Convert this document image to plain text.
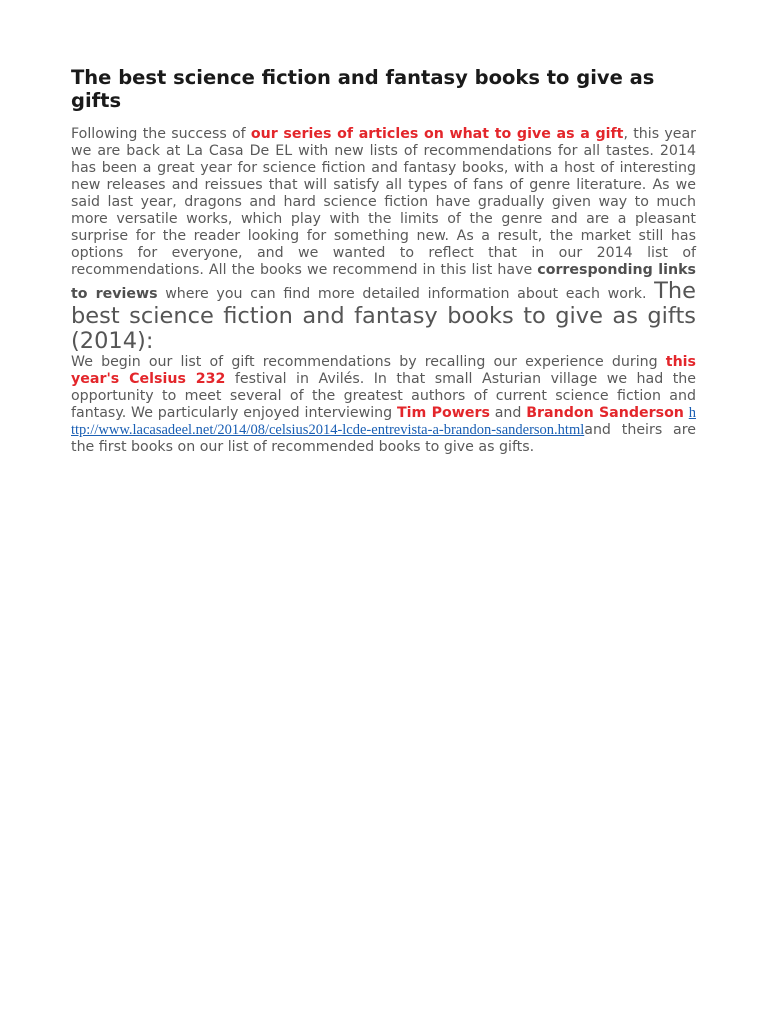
The best science fiction and fantasy books to give as gifts

Following the success of our series of articles on what to give as a gift, this year we are back at La Casa De EL with new lists of recommendations for all tastes. 2014 has been a great year for science fiction and fantasy books, with a host of interesting new releases and reissues that will satisfy all types of fans of genre literature. As we said last year, dragons and hard science fiction have gradually given way to much more versatile works, which play with the limits of the genre and are a pleasant surprise for the reader looking for something new. As a result, the market still has options for everyone, and we wanted to reflect that in our 2014 list of recommendations. All the books we recommend in this list have corresponding links to reviews where you can find more detailed information about each work. The best science fiction and fantasy books to give as gifts (2014):

We begin our list of gift recommendations by recalling our experience during this year's Celsius 232 festival in Avilés. In that small Asturian village we had the opportunity to meet several of the greatest authors of current science fiction and fantasy. We particularly enjoyed interviewing Tim Powers and Brandon Sanderson http://www.lacasadeel.net/2014/08/celsius2014-lcde-entrevista-a-brandon-sanderson.htmland theirs are the first books on our list of recommended books to give as gifts.
